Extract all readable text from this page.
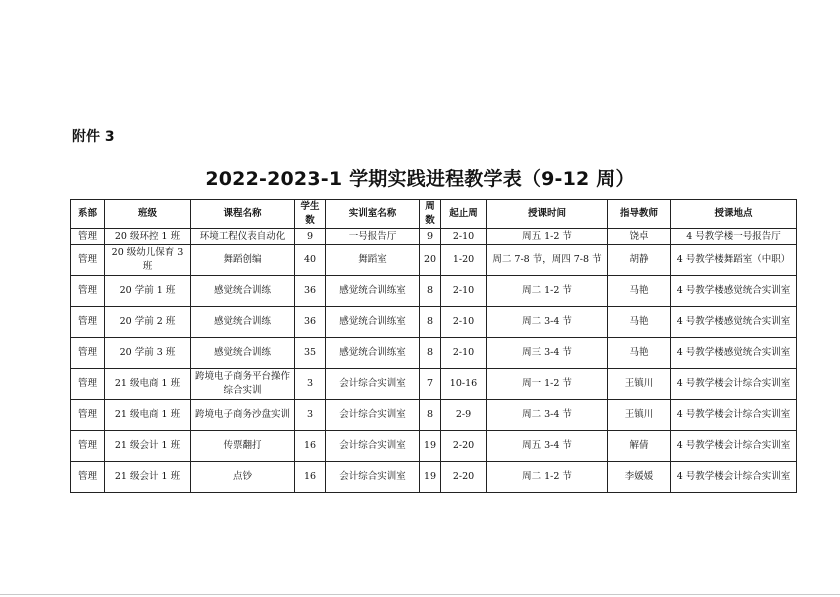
附件 3
2022-2023-1 学期实践进程教学表（9-12 周）
系部	班级	课程名称	学生数	实训室名称	周数	起止周	授课时间	指导教师	授课地点
管理	20 级环控 1 班	环境工程仪表自动化	9	一号报告厅	9	2-10	周五 1-2 节	饶卓	4 号教学楼一号报告厅
管理	20 级幼儿保育 3 班	舞蹈创编	40	舞蹈室	20	1-20	周二 7-8 节，周四 7-8 节	胡静	4 号教学楼舞蹈室（中职）
管理	20 学前 1 班	感觉统合训练	36	感觉统合训练室	8	2-10	周二 1-2 节	马艳	4 号教学楼感觉统合实训室
管理	20 学前 2 班	感觉统合训练	36	感觉统合训练室	8	2-10	周二 3-4 节	马艳	4 号教学楼感觉统合实训室
管理	20 学前 3 班	感觉统合训练	35	感觉统合训练室	8	2-10	周三 3-4 节	马艳	4 号教学楼感觉统合实训室
管理	21 级电商 1 班	跨境电子商务平台操作综合实训	3	会计综合实训室	7	10-16	周一 1-2 节	王镇川	4 号教学楼会计综合实训室
管理	21 级电商 1 班	跨境电子商务沙盘实训	3	会计综合实训室	8	2-9	周二 3-4 节	王镇川	4 号教学楼会计综合实训室
管理	21 级会计 1 班	传票翻打	16	会计综合实训室	19	2-20	周五 3-4 节	解倩	4 号教学楼会计综合实训室
管理	21 级会计 1 班	点钞	16	会计综合实训室	19	2-20	周二 1-2 节	李媛媛	4 号教学楼会计综合实训室
